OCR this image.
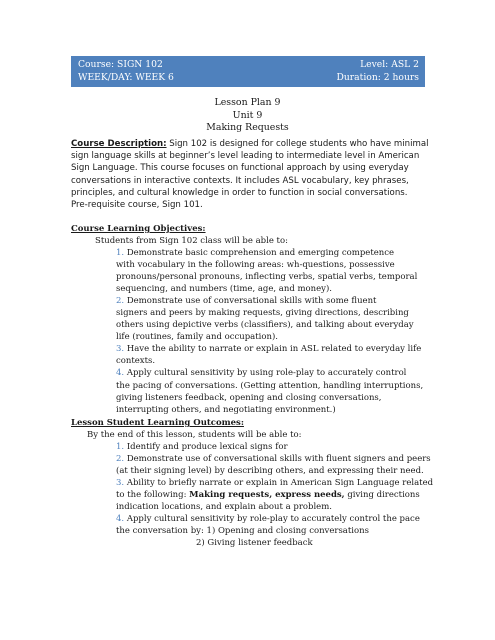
Course: SIGN 102	Level: ASL 2
WEEK/DAY: WEEK 6	Duration: 2 hours
Lesson Plan 9
Unit 9
Making Requests
Course Description: Sign 102 is designed for college students who have minimal
sign language skills at beginner’s level leading to intermediate level in American
Sign Language. This course focuses on functional approach by using everyday
conversations in interactive contexts. It includes ASL vocabulary, key phrases,
principles, and cultural knowledge in order to function in social conversations.
Pre-requisite course, Sign 101.
Course Learning Objectives:
Students from Sign 102 class will be able to:
1. Demonstrate basic comprehension and emerging competence
with vocabulary in the following areas: wh-questions, possessive
pronouns/personal pronouns, inflecting verbs, spatial verbs, temporal
sequencing, and numbers (time, age, and money).
2. Demonstrate use of conversational skills with some fluent
signers and peers by making requests, giving directions, describing
others using depictive verbs (classifiers), and talking about everyday
life (routines, family and occupation).
3. Have the ability to narrate or explain in ASL related to everyday life
contexts.
4. Apply cultural sensitivity by using role-play to accurately control
the pacing of conversations. (Getting attention, handling interruptions,
giving listeners feedback, opening and closing conversations,
interrupting others, and negotiating environment.)
Lesson Student Learning Outcomes:
By the end of this lesson, students will be able to:
1. Identify and produce lexical signs for
2. Demonstrate use of conversational skills with fluent signers and peers
(at their signing level) by describing others, and expressing their need.
3. Ability to briefly narrate or explain in American Sign Language related
to the following: Making requests, express needs, giving directions
indication locations, and explain about a problem.
4. Apply cultural sensitivity by role-play to accurately control the pace
the conversation by: 1) Opening and closing conversations
2) Giving listener feedback
